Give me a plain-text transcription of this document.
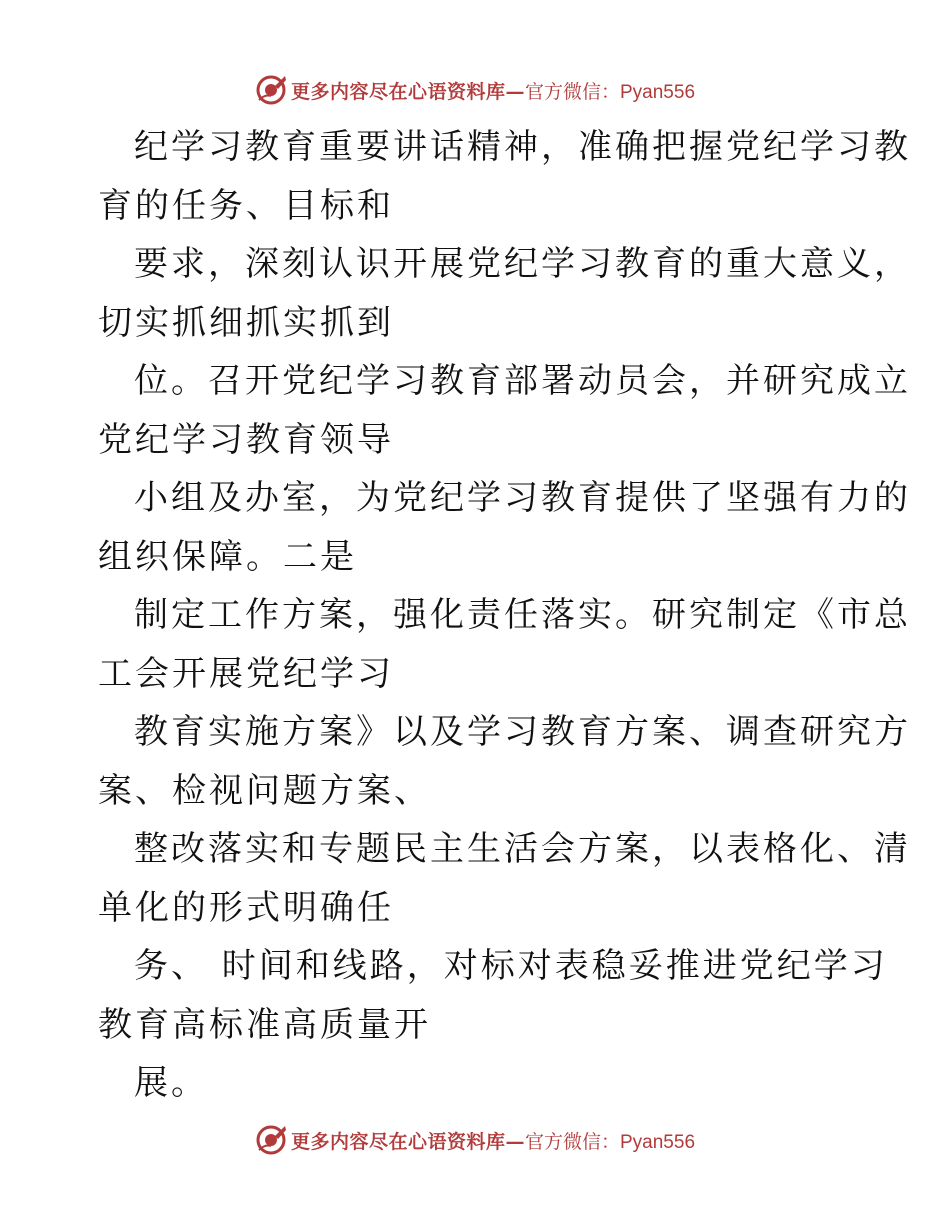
更多内容尽在心语资料库— 官方微信：Pyan556
纪学习教育重要讲话精神，准确把握党纪学习教
育的任务、目标和
要求，深刻认识开展党纪学习教育的重大意义，
切实抓细抓实抓到
位。召开党纪学习教育部署动员会，并研究成立
党纪学习教育领导
小组及办室，为党纪学习教育提供了坚强有力的
组织保障。二是
制定工作方案，强化责任落实。研究制定《市总
工会开展党纪学习
教育实施方案》以及学习教育方案、调查研究方
案、检视问题方案、
整改落实和专题民主生活会方案，以表格化、清
单化的形式明确任
务、 时间和线路，对标对表稳妥推进党纪学习
教育高标准高质量开
展。
更多内容尽在心语资料库— 官方微信：Pyan556
